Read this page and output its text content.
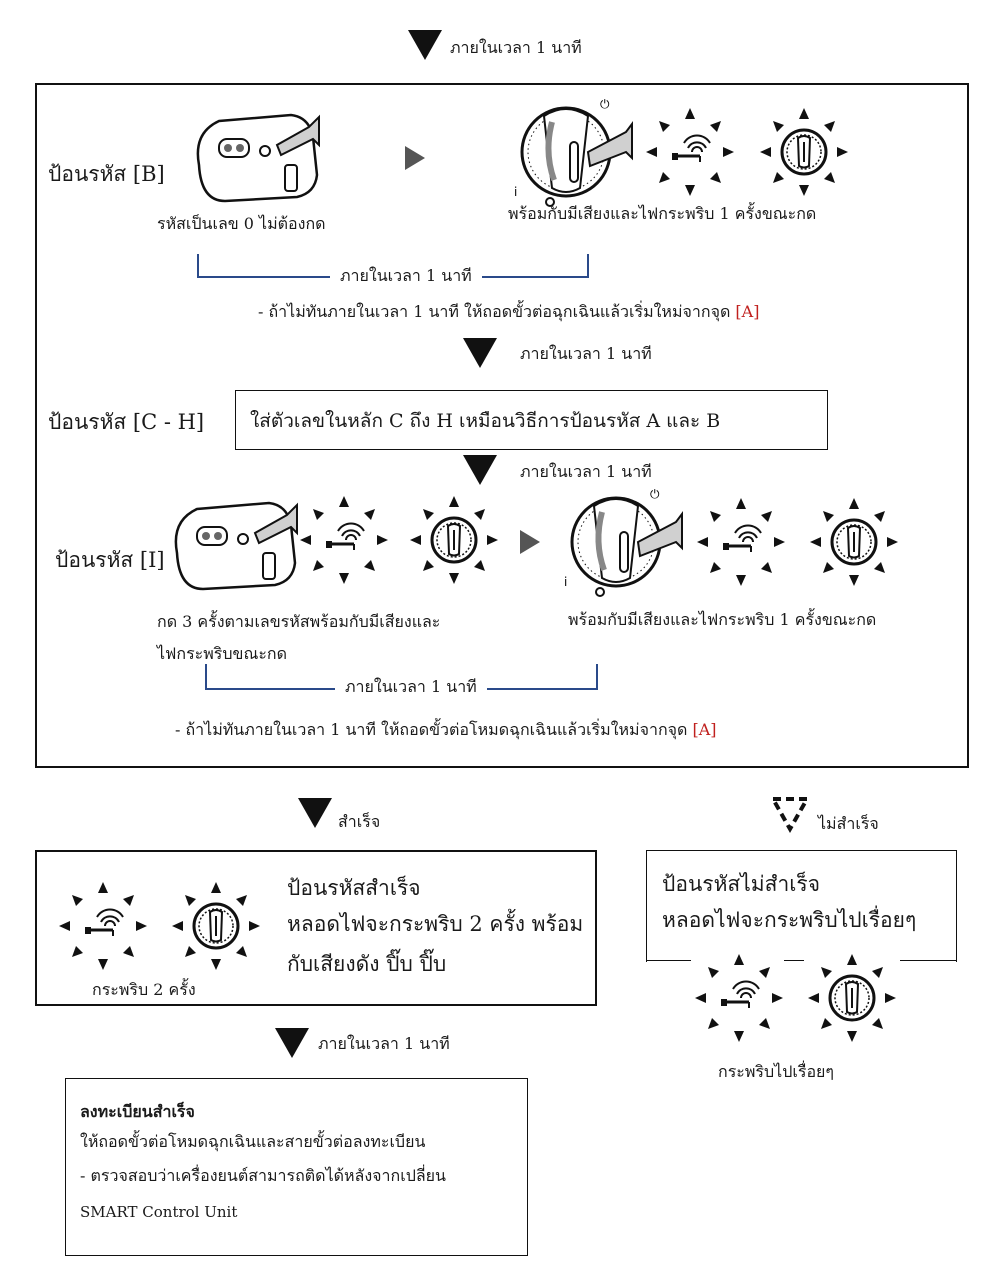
ภายในเวลา 1 นาที
ป้อนรหัส [B]
รหัสเป็นเลข 0 ไม่ต้องกด
พร้อมกับมีเสียงและไฟกระพริบ 1 ครั้งขณะกด
ภายในเวลา 1 นาที
- ถ้าไม่ทันภายในเวลา 1 นาที ให้ถอดขั้วต่อฉุกเฉินแล้วเริ่มใหม่จากจุด [A]
ภายในเวลา 1 นาที
ป้อนรหัส [C - H] ใส่ตัวเลขในหลัก C ถึง H เหมือนวิธีการป้อนรหัส A และ B
ภายในเวลา 1 นาที
ป้อนรหัส [I]
กด 3 ครั้งตามเลขรหัสพร้อมกับมีเสียงและ
ไฟกระพริบขณะกด
พร้อมกับมีเสียงและไฟกระพริบ 1 ครั้งขณะกด
ภายในเวลา 1 นาที
- ถ้าไม่ทันภายในเวลา 1 นาที ให้ถอดขั้วต่อโหมดฉุกเฉินแล้วเริ่มใหม่จากจุด [A]
สำเร็จ
กระพริบ 2 ครั้ง
ป้อนรหัสสำเร็จ
หลอดไฟจะกระพริบ 2 ครั้ง พร้อม
กับเสียงดัง ปิ๊บ ปิ๊บ
ภายในเวลา 1 นาที
ลงทะเบียนสำเร็จ
ให้ถอดขั้วต่อโหมดฉุกเฉินและสายขั้วต่อลงทะเบียน
- ตรวจสอบว่าเครื่องยนต์สามารถติดได้หลังจากเปลี่ยน
SMART Control Unit
ไม่สำเร็จ
ป้อนรหัสไม่สำเร็จ
หลอดไฟจะกระพริบไปเรื่อยๆ
กระพริบไปเรื่อยๆ
